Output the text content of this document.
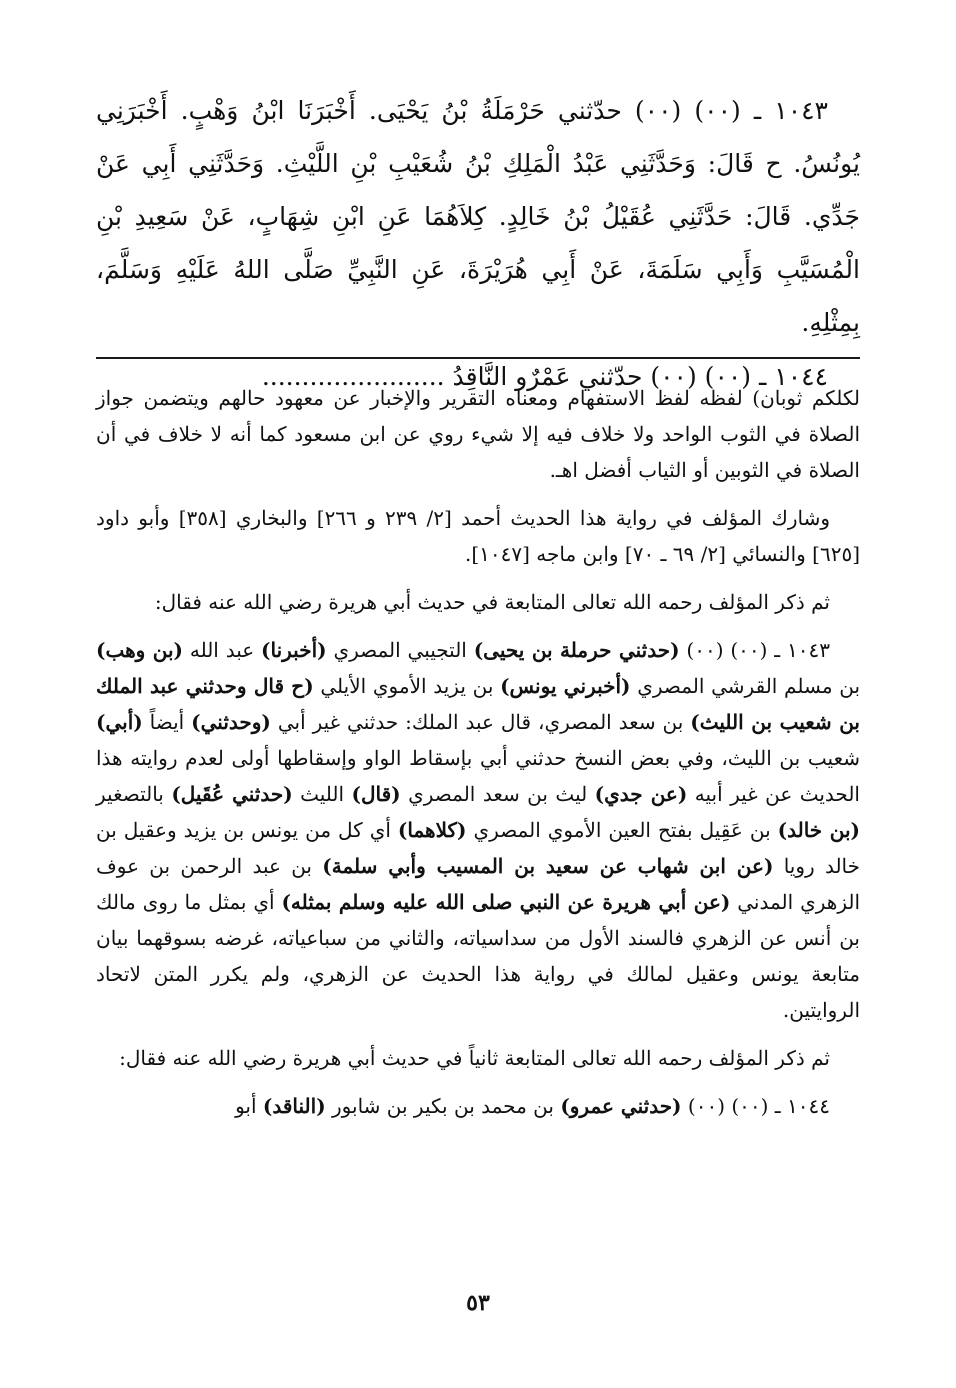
١٠٤٣ ـ (٠٠) (٠٠) حدّثني حَرْمَلَةُ بْنُ يَحْيَى. أَخْبَرَنَا ابْنُ وَهْبٍ. أَخْبَرَنِي يُونُسُ. ح قَالَ: وَحَدَّثَنِي عَبْدُ الْمَلِكِ بْنُ شُعَيْبِ بْنِ اللَّيْثِ. وَحَدَّثَنِي أَبِي عَنْ جَدِّي. قَالَ: حَدَّثَنِي عُقَيْلُ بْنُ خَالِدٍ. كِلاَهُمَا عَنِ ابْنِ شِهَابٍ، عَنْ سَعِيدِ بْنِ الْمُسَيَّبِ وَأَبِي سَلَمَةَ، عَنْ أَبِي هُرَيْرَةَ، عَنِ النَّبِيِّ صَلَّى اللهُ عَلَيْهِ وَسَلَّمَ، بِمِثْلِهِ.

١٠٤٤ ـ (٠٠) (٠٠) حدّثني عَمْرٌو النَّاقِدُ .......................

لكلكم ثوبان) لفظه لفظ الاستفهام ومعناه التقرير والإخبار عن معهود حالهم ويتضمن جواز الصلاة في الثوب الواحد ولا خلاف فيه إلا شيء روي عن ابن مسعود كما أنه لا خلاف في أن الصلاة في الثوبين أو الثياب أفضل اهـ.

وشارك المؤلف في رواية هذا الحديث أحمد [٢/ ٢٣٩ و ٢٦٦] والبخاري [٣٥٨] وأبو داود [٦٢٥] والنسائي [٢/ ٦٩ ـ ٧٠] وابن ماجه [١٠٤٧].

ثم ذكر المؤلف رحمه الله تعالى المتابعة في حديث أبي هريرة رضي الله عنه فقال:

١٠٤٣ ـ (٠٠) (٠٠) (حدثني حرملة بن يحيى) التجيبي المصري (أخبرنا) عبد الله (بن وهب) بن مسلم القرشي المصري (أخبرني يونس) بن يزيد الأموي الأيلي (ح قال وحدثني عبد الملك بن شعيب بن الليث) بن سعد المصري، قال عبد الملك: حدثني غير أبي (وحدثني) أيضاً (أبي) شعيب بن الليث، وفي بعض النسخ حدثني أبي بإسقاط الواو وإسقاطها أولى لعدم روايته هذا الحديث عن غير أبيه (عن جدي) ليث بن سعد المصري (قال) الليث (حدثني عُقَيل) بالتصغير (بن خالد) بن عَقِيل بفتح العين الأموي المصري (كلاهما) أي كل من يونس بن يزيد وعقيل بن خالد رويا (عن ابن شهاب عن سعيد بن المسيب وأبي سلمة) بن عبد الرحمن بن عوف الزهري المدني (عن أبي هريرة عن النبي صلى الله عليه وسلم بمثله) أي بمثل ما روى مالك بن أنس عن الزهري فالسند الأول من سداسياته، والثاني من سباعياته، غرضه بسوقهما بيان متابعة يونس وعقيل لمالك في رواية هذا الحديث عن الزهري، ولم يكرر المتن لاتحاد الروايتين.

ثم ذكر المؤلف رحمه الله تعالى المتابعة ثانياً في حديث أبي هريرة رضي الله عنه فقال:

١٠٤٤ ـ (٠٠) (٠٠) (حدثني عمرو) بن محمد بن بكير بن شابور (الناقد) أبو

٥٣
